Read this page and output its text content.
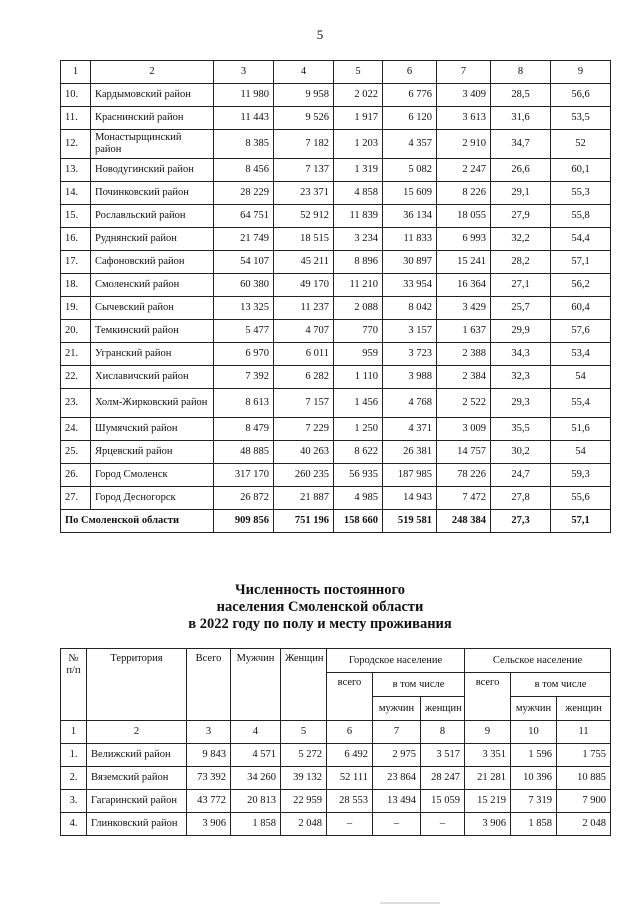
5
1	2	3	4	5	6	7	8	9
10.	Кардымовский район	11 980	9 958	2 022	6 776	3 409	28,5	56,6
11.	Краснинский район	11 443	9 526	1 917	6 120	3 613	31,6	53,5
12.	Монастырщинский район	8 385	7 182	1 203	4 357	2 910	34,7	52
13.	Новодугинский район	8 456	7 137	1 319	5 082	2 247	26,6	60,1
14.	Починковский район	28 229	23 371	4 858	15 609	8 226	29,1	55,3
15.	Рославльский район	64 751	52 912	11 839	36 134	18 055	27,9	55,8
16.	Руднянский район	21 749	18 515	3 234	11 833	6 993	32,2	54,4
17.	Сафоновский район	54 107	45 211	8 896	30 897	15 241	28,2	57,1
18.	Смоленский район	60 380	49 170	11 210	33 954	16 364	27,1	56,2
19.	Сычевский район	13 325	11 237	2 088	8 042	3 429	25,7	60,4
20.	Темкинский район	5 477	4 707	770	3 157	1 637	29,9	57,6
21.	Угранский район	6 970	6 011	959	3 723	2 388	34,3	53,4
22.	Хиславичский район	7 392	6 282	1 110	3 988	2 384	32,3	54
23.	Холм-Жирковский район	8 613	7 157	1 456	4 768	2 522	29,3	55,4
24.	Шумячский район	8 479	7 229	1 250	4 371	3 009	35,5	51,6
25.	Ярцевский район	48 885	40 263	8 622	26 381	14 757	30,2	54
26.	Город Смоленск	317 170	260 235	56 935	187 985	78 226	24,7	59,3
27.	Город Десногорск	26 872	21 887	4 985	14 943	7 472	27,8	55,6
По Смоленской области		909 856	751 196	158 660	519 581	248 384	27,3	57,1
Численность постоянного
населения Смоленской области
в 2022 году по полу и месту проживания
№ п/п	Территория	Всего	Мужчин	Женщин	Городское население			Сельское население		
					всего	в том числе		всего	в том числе	
						мужчин	женщин		мужчин	женщин
1	2	3	4	5	6	7	8	9	10	11
1.	Велижский район	9 843	4 571	5 272	6 492	2 975	3 517	3 351	1 596	1 755
2.	Вяземский район	73 392	34 260	39 132	52 111	23 864	28 247	21 281	10 396	10 885
3.	Гагаринский район	43 772	20 813	22 959	28 553	13 494	15 059	15 219	7 319	7 900
4.	Глинковский район	3 906	1 858	2 048	–	–	–	3 906	1 858	2 048
